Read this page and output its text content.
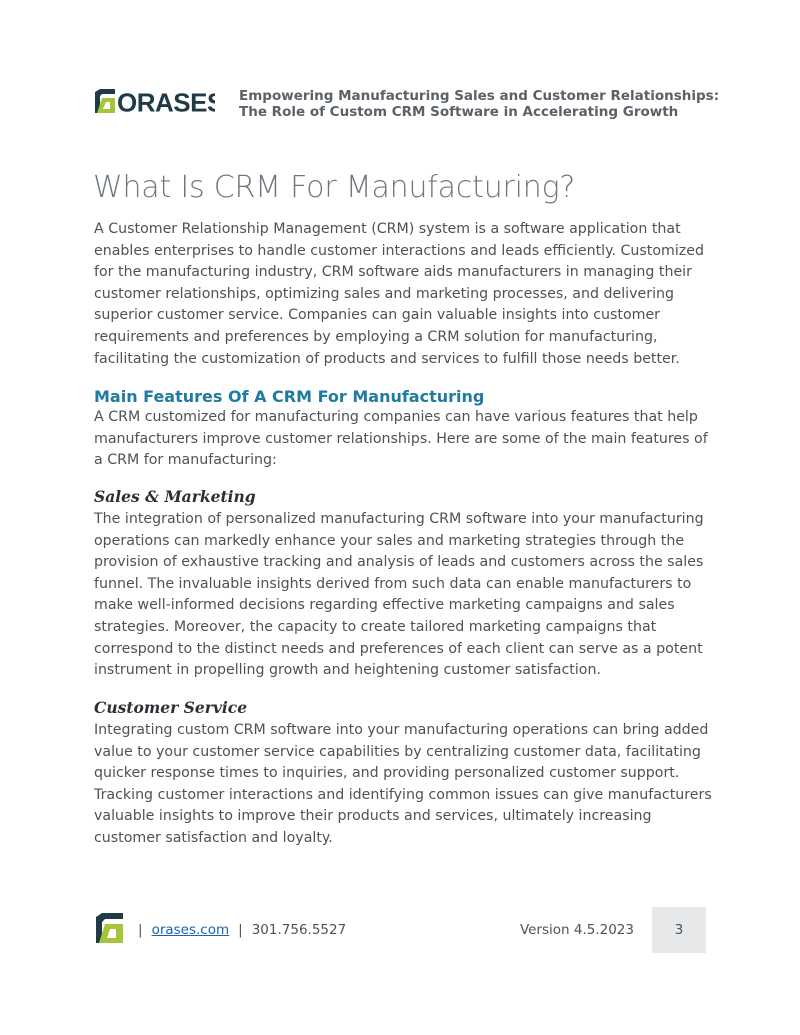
ORASES Empowering Manufacturing Sales and Customer Relationships:
The Role of Custom CRM Software in Accelerating Growth
What Is CRM For Manufacturing?

A Customer Relationship Management (CRM) system is a software application that enables enterprises to handle customer interactions and leads efficiently. Customized for the manufacturing industry, CRM software aids manufacturers in managing their customer relationships, optimizing sales and marketing processes, and delivering superior customer service. Companies can gain valuable insights into customer requirements and preferences by employing a CRM solution for manufacturing, facilitating the customization of products and services to fulfill those needs better.

Main Features Of A CRM For Manufacturing

A CRM customized for manufacturing companies can have various features that help manufacturers improve customer relationships. Here are some of the main features of a CRM for manufacturing:

Sales & Marketing

The integration of personalized manufacturing CRM software into your manufacturing operations can markedly enhance your sales and marketing strategies through the provision of exhaustive tracking and analysis of leads and customers across the sales funnel. The invaluable insights derived from such data can enable manufacturers to make well-informed decisions regarding effective marketing campaigns and sales strategies. Moreover, the capacity to create tailored marketing campaigns that correspond to the distinct needs and preferences of each client can serve as a potent instrument in propelling growth and heightening customer satisfaction.

Customer Service

Integrating custom CRM software into your manufacturing operations can bring added value to your customer service capabilities by centralizing customer data, facilitating quicker response times to inquiries, and providing personalized customer support. Tracking customer interactions and identifying common issues can give manufacturers valuable insights to improve their products and services, ultimately increasing customer satisfaction and loyalty.

| orases.com | 301.756.5527	Version 4.5.2023	3
